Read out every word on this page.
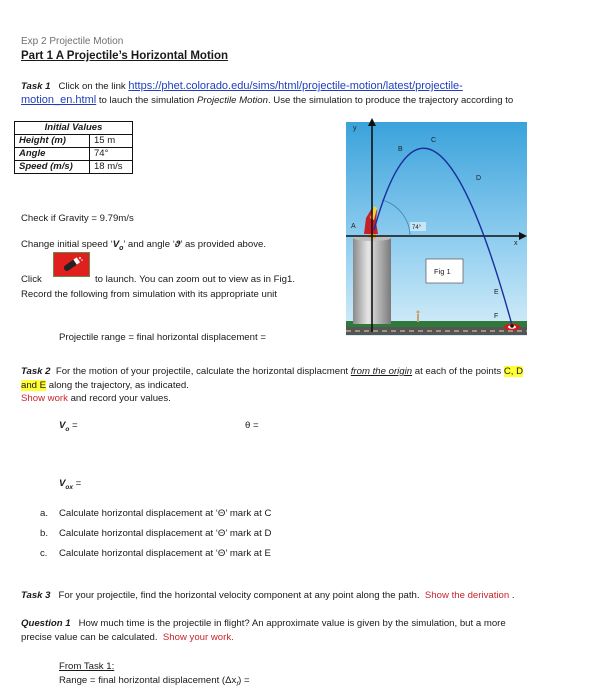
Exp 2 Projectile Motion
Part 1 A Projectile’s Horizontal Motion
Task 1 Click on the link https://phet.colorado.edu/sims/html/projectile-motion/latest/projectile-
motion_en.html to lauch the simulation Projectile Motion. Use the simulation to produce the trajectory according to
Initial Values	
Height (m)	15 m
Angle	74°
Speed (m/s)	18 m/s
Check if Gravity = 9.79m/s
Change initial speed ‘$V_o$’ and angle ‘ϑ’ as provided above.
Click	to launch. You can zoom out to view as in Fig1.
Record the following from simulation with its appropriate unit
Projectile range = final horizontal displacement =
74°
y
A
B
C
D
E
F
x
Fig 1
Task 2 For the motion of your projectile, calculate the horizontal displacment from the origin at each of the points C, D
and E along the trajectory, as indicated.
Show work and record your values.
$V_o$ =	θ =
$V_{ox}$ =
a. Calculate horizontal displacement at ‘Θ’ mark at C
b. Calculate horizontal displacement at ‘Θ’ mark at D
c. Calculate horizontal displacement at ‘Θ’ mark at E
Task 3 For your projectile, find the horizontal velocity component at any point along the path. Show the derivation .
Question 1 How much time is the projectile in flight? An approximate value is given by the simulation, but a more
precise value can be calculated. Show your work.
From Task 1:
Range = final horizontal displacement $(\Delta x_f)$ =
